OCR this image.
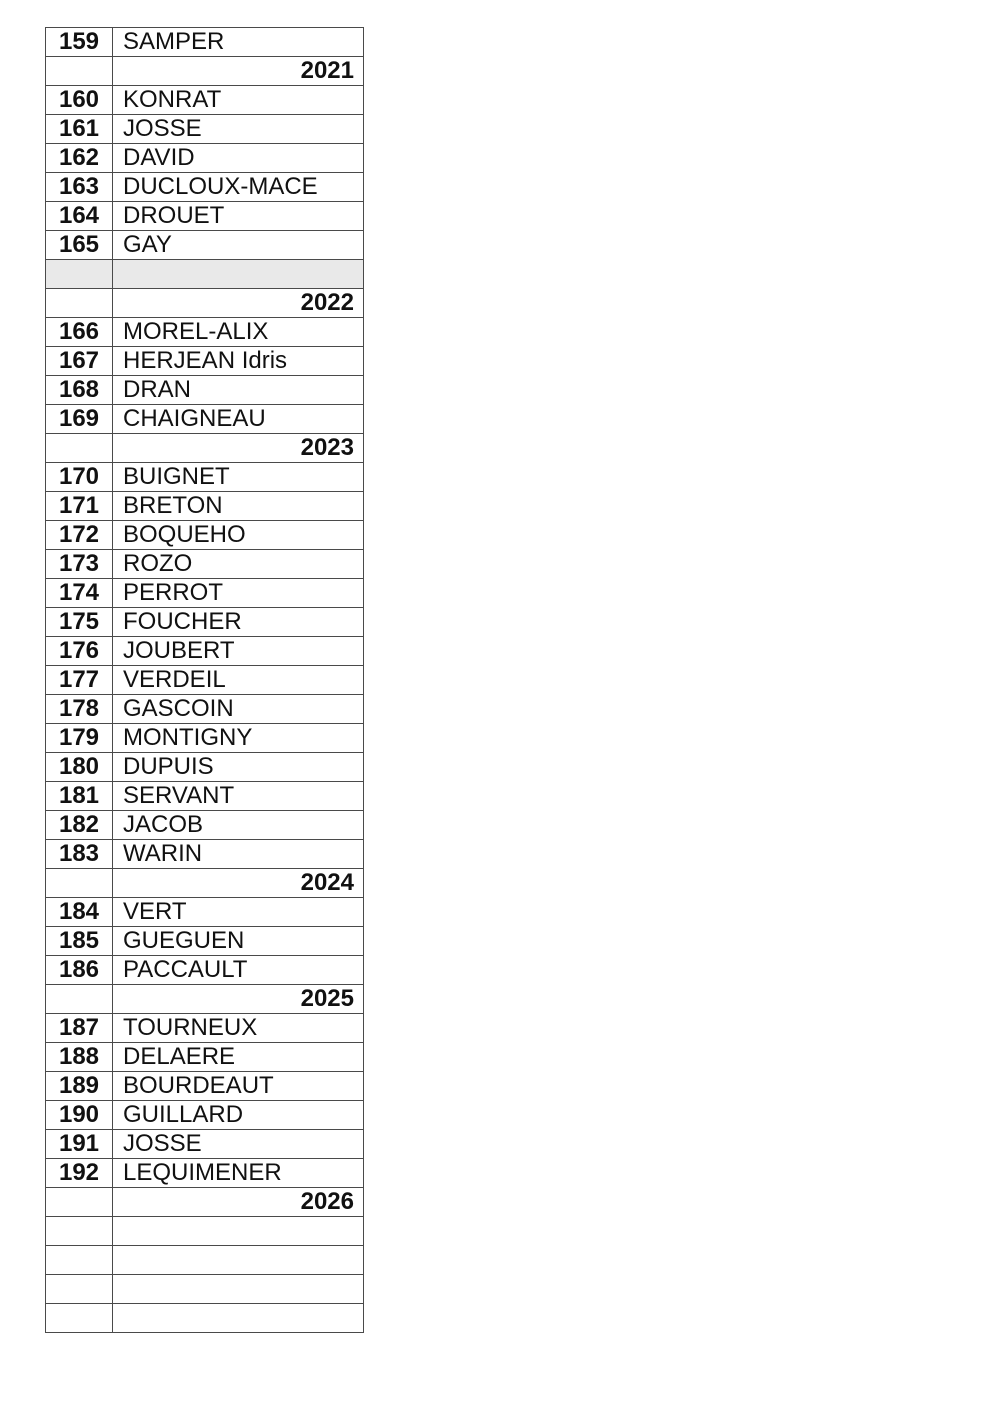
159	SAMPER
	2021
160	KONRAT
161	JOSSE
162	DAVID
163	DUCLOUX-MACE
164	DROUET
165	GAY

	2022
166	MOREL-ALIX
167	HERJEAN Idris
168	DRAN
169	CHAIGNEAU
	2023
170	BUIGNET
171	BRETON
172	BOQUEHO
173	ROZO
174	PERROT
175	FOUCHER
176	JOUBERT
177	VERDEIL
178	GASCOIN
179	MONTIGNY
180	DUPUIS
181	SERVANT
182	JACOB
183	WARIN
	2024
184	VERT
185	GUEGUEN
186	PACCAULT
	2025
187	TOURNEUX
188	DELAERE
189	BOURDEAUT
190	GUILLARD
191	JOSSE
192	LEQUIMENER
	2026
